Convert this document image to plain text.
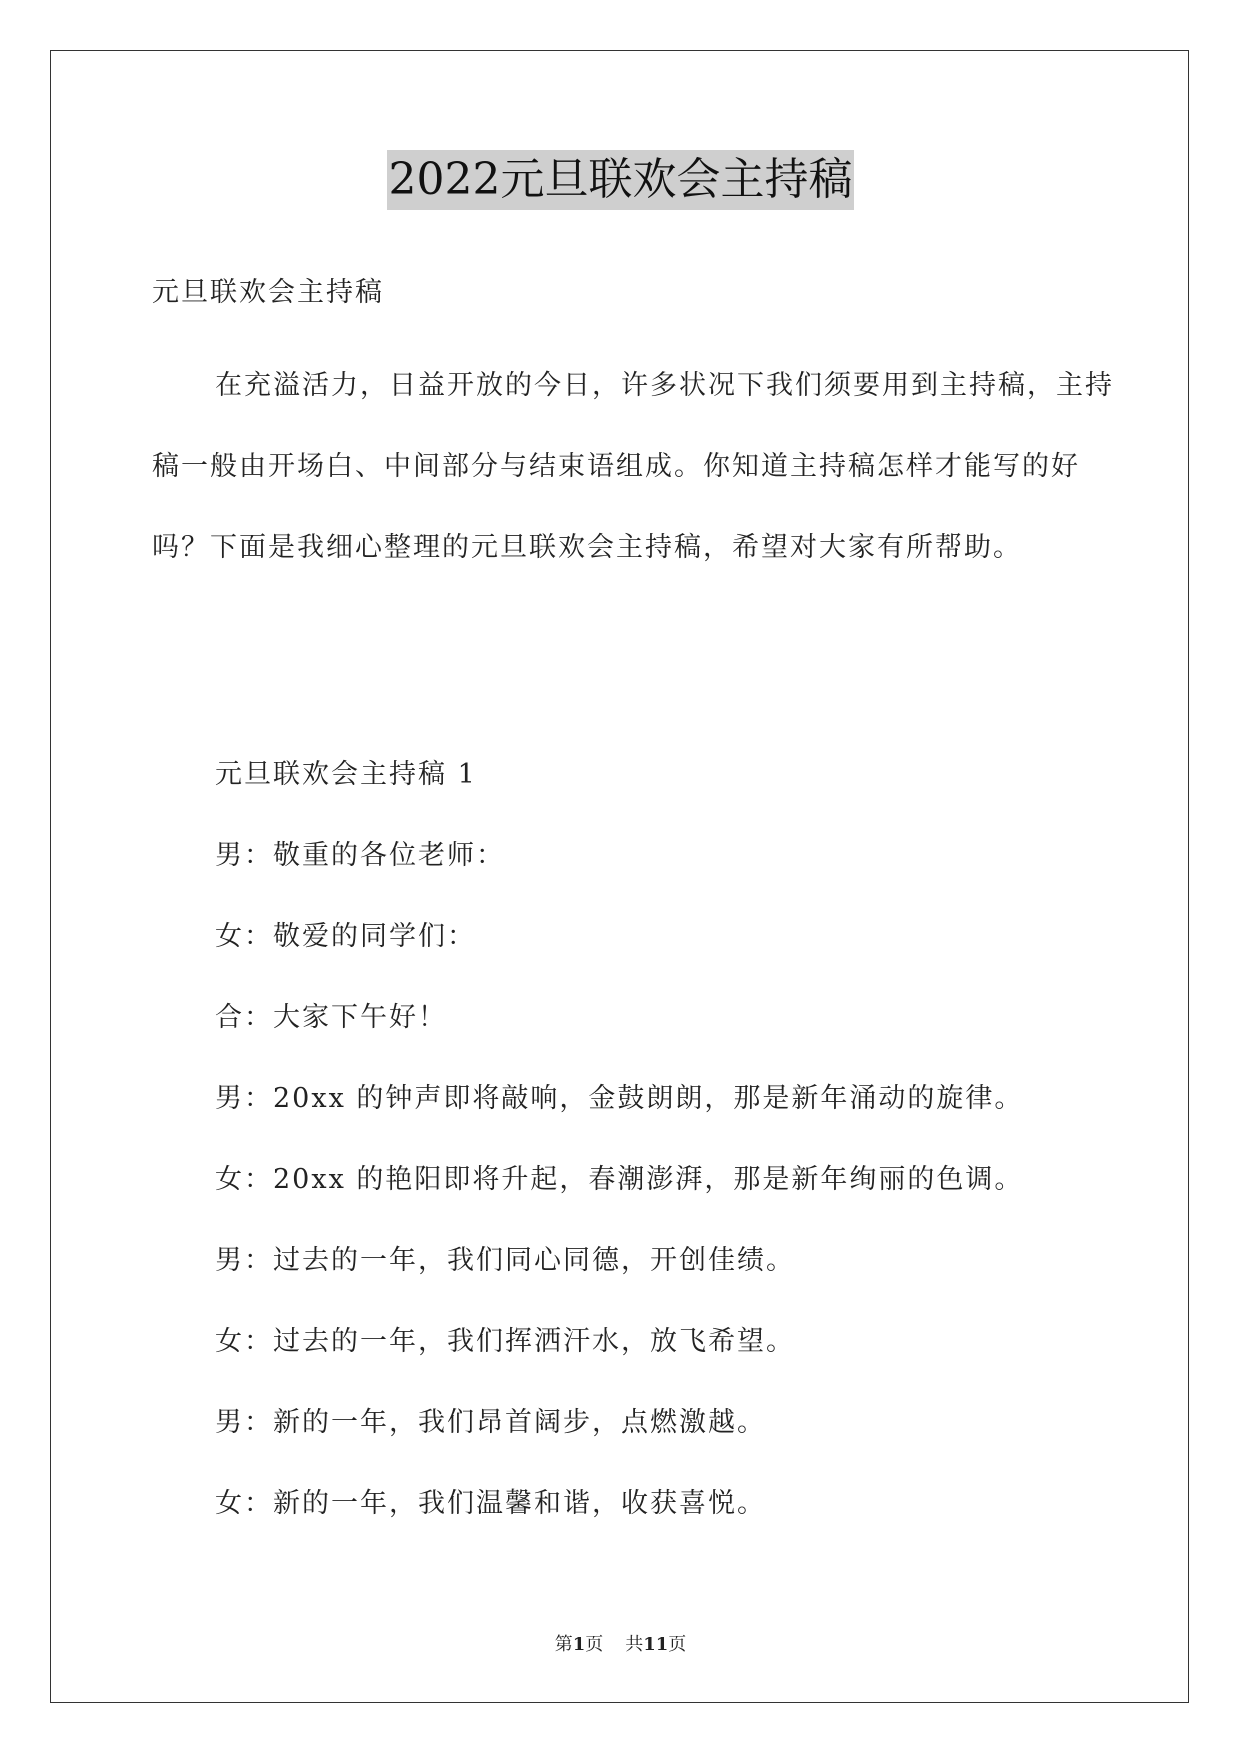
2022元旦联欢会主持稿
元旦联欢会主持稿

在充溢活力，日益开放的今日，许多状况下我们须要用到主持稿，主持稿一般由开场白、中间部分与结束语组成。你知道主持稿怎样才能写的好吗？下面是我细心整理的元旦联欢会主持稿，希望对大家有所帮助。

元旦联欢会主持稿 1
男：敬重的各位老师：
女：敬爱的同学们：
合：大家下午好！
男：20xx 的钟声即将敲响，金鼓朗朗，那是新年涌动的旋律。
女：20xx 的艳阳即将升起，春潮澎湃，那是新年绚丽的色调。
男：过去的一年，我们同心同德，开创佳绩。
女：过去的一年，我们挥洒汗水，放飞希望。
男：新的一年，我们昂首阔步，点燃激越。
女：新的一年，我们温馨和谐，收获喜悦。
第1页 共11页
